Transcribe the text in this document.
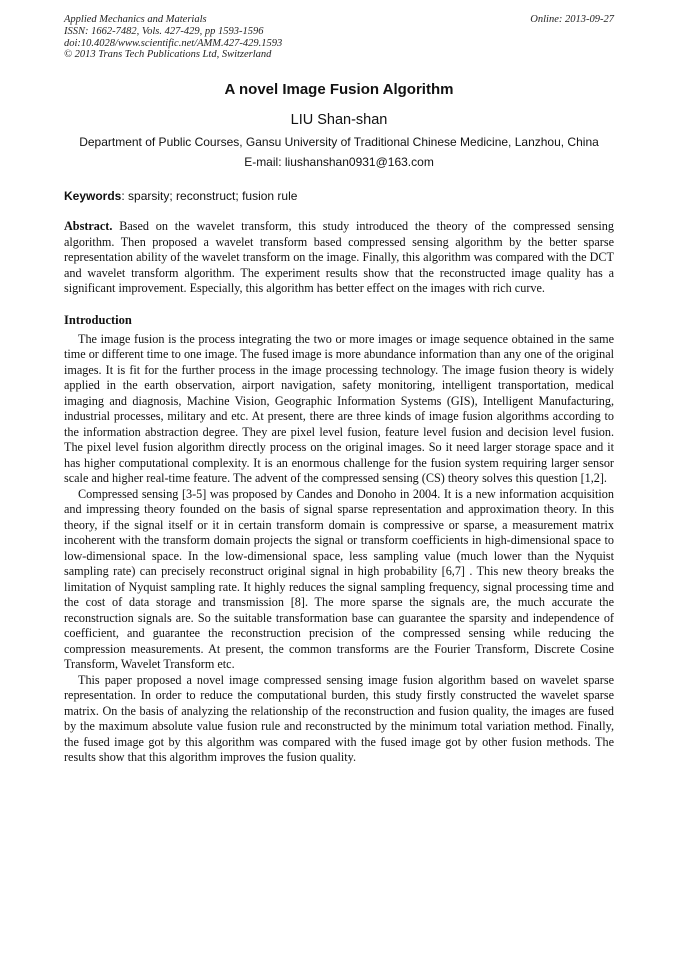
Applied Mechanics and Materials
ISSN: 1662-7482, Vols. 427-429, pp 1593-1596
doi:10.4028/www.scientific.net/AMM.427-429.1593
© 2013 Trans Tech Publications Ltd, Switzerland
Online: 2013-09-27
A novel Image Fusion Algorithm
LIU Shan-shan
Department of Public Courses, Gansu University of Traditional Chinese Medicine, Lanzhou, China
E-mail: liushanshan0931@163.com
Keywords: sparsity; reconstruct; fusion rule
Abstract. Based on the wavelet transform, this study introduced the theory of the compressed sensing algorithm. Then proposed a wavelet transform based compressed sensing algorithm by the better sparse representation ability of the wavelet transform on the image. Finally, this algorithm was compared with the DCT and wavelet transform algorithm. The experiment results show that the reconstructed image quality has a significant improvement. Especially, this algorithm has better effect on the images with rich curve.
Introduction

The image fusion is the process integrating the two or more images or image sequence obtained in the same time or different time to one image. The fused image is more abundance information than any one of the original images. It is fit for the further process in the image processing technology. The image fusion theory is widely applied in the earth observation, airport navigation, safety monitoring, intelligent transportation, medical imaging and diagnosis, Machine Vision, Geographic Information Systems (GIS), Intelligent Manufacturing, industrial processes, military and etc. At present, there are three kinds of image fusion algorithms according to the information abstraction degree. They are pixel level fusion, feature level fusion and decision level fusion. The pixel level fusion algorithm directly process on the original images. So it need larger storage space and it has higher computational complexity. It is an enormous challenge for the fusion system requiring larger sensor scale and higher real-time feature. The advent of the compressed sensing (CS) theory solves this question [1,2].

Compressed sensing [3-5] was proposed by Candes and Donoho in 2004. It is a new information acquisition and impressing theory founded on the basis of signal sparse representation and approximation theory. In this theory, if the signal itself or it in certain transform domain is compressive or sparse, a measurement matrix incoherent with the transform domain projects the signal or transform coefficients in high-dimensional space to low-dimensional space. In the low-dimensional space, less sampling value (much lower than the Nyquist sampling rate) can precisely reconstruct original signal in high probability [6,7] . This new theory breaks the limitation of Nyquist sampling rate. It highly reduces the signal sampling frequency, signal processing time and the cost of data storage and transmission [8]. The more sparse the signals are, the much accurate the reconstruction signals are. So the suitable transformation base can guarantee the sparsity and independence of coefficient, and guarantee the reconstruction precision of the compressed sensing while reducing the compression measurements. At present, the common transforms are the Fourier Transform, Discrete Cosine Transform, Wavelet Transform etc.

This paper proposed a novel image compressed sensing image fusion algorithm based on wavelet sparse representation. In order to reduce the computational burden, this study firstly constructed the wavelet sparse matrix. On the basis of analyzing the relationship of the reconstruction and fusion quality, the images are fused by the maximum absolute value fusion rule and reconstructed by the minimum total variation method. Finally, the fused image got by this algorithm was compared with the fused image got by other fusion methods. The results show that this algorithm improves the fusion quality.
